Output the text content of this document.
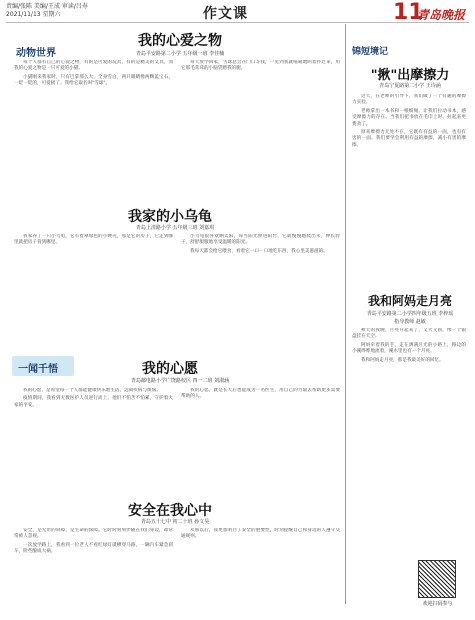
责编/张陈 美编/王成 审读/吕寿
2021/11/13 星期六	作文课	11
青岛晚报
动物世界
我的心爱之物
青岛平安路第二小学 五年级一班 李佳楠

每个人都有自己的心爱之物，有的是可爱的玩具，有的是精美的文具，而我的心爱之物是一只可爱的小猫。

小猫刚来我家时，只有巴掌那么大，全身雪白，两只眼睛像两颗蓝宝石，一眨一眨的，可爱极了。我给它取名叫"雪球"。

每天放学回家，雪球总会在门口等我，一见到我就喵喵地叫着扑过来，用它那毛茸茸的小脑袋蹭我的腿。

我家的小乌龟
青岛上清路小学 五年级三班 刘嘉琪

我家养了一只小乌龟，它有着翠绿色的小硬壳，那是它的房子，它走到哪里就把房子背到哪里。

小乌龟很喜欢晒太阳，每当阳光照进阳台，它就慢慢地爬出来，伸长脖子，舒舒服服地享受温暖的阳光。

我每天都会给它喂食，看着它一口一口地吃东西，我心里美滋滋的。

一闻千悟	我的心愿
青岛邮电路小学广饶路校区 四一二班 刘淑涵

我的心愿，是希望每一个人都能健康快乐地生活，远离疾病与烦恼。

疫情期间，我看到无数医护人员逆行而上，他们不怕苦不怕累，守护着大家的平安。

我的心愿，就是长大后也能成为一名医生，用自己的力量去帮助更多需要帮助的人。

安全在我心中
青岛五十七中 初二十班 孙文昊

安全，是无形的屏障，是生命的保障。它时时刻刻伴随在我们身边，却常常被人忽视。

一次放学路上，我看到一位老人不看红绿灯就横穿马路，一辆汽车紧急刹车，险些酿成大祸。

从那以后，我更加明白了安全的重要性，时刻提醒自己和身边的人遵守交通规则。

锦短境记
"揪"出摩擦力
青岛宁夏路第二小学 王诗涵

这天，在老师的引导下，我们做了一个有趣的摩擦力实验。

老师拿出一本书和一根细绳，让我们拉动书本，感受摩擦力的存在。当我们把书放在毛巾上时，拉起来更费劲了。

原来摩擦力无处不在，它既有有益的一面，也有有害的一面。我们要学会利用有益的摩擦，减小有害的摩擦。

我和阿妈走月亮
青岛平安路第二小学四年级五班 李梓瑶
指导教师 赵敏

秋天的夜晚，月亮升起来了，又大又圆，像一个银盘挂在天空。

阿妈牵着我的手，走在洒满月光的小路上，路边的小溪哗哗地流着，溪水里也有一个月亮。

我和阿妈走月亮，那是我最美好的回忆。

欢迎扫码参与
